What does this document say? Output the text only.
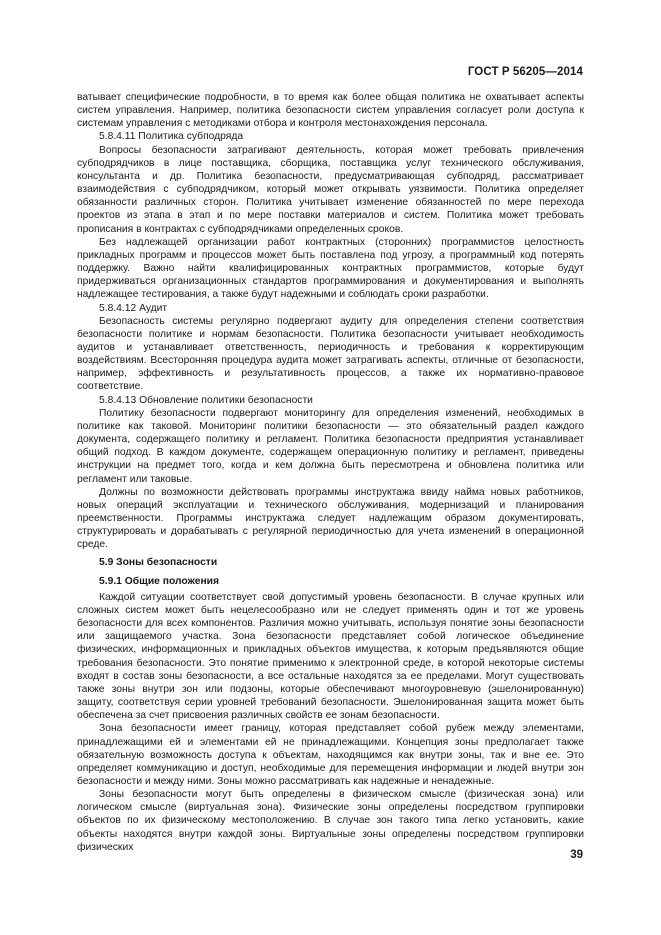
ГОСТ Р 56205—2014

ватывает специфические подробности, в то время как более общая политика не охватывает аспекты систем управления. Например, политика безопасности систем управления согласует роли доступа к системам управления с методиками отбора и контроля местонахождения персонала.

5.8.4.11 Политика субподряда

Вопросы безопасности затрагивают деятельность, которая может требовать привлечения субподрядчиков в лице поставщика, сборщика, поставщика услуг технического обслуживания, консультанта и др. Политика безопасности, предусматривающая субподряд, рассматривает взаимодействия с субподрядчиком, который может открывать уязвимости. Политика определяет обязанности различных сторон. Политика учитывает изменение обязанностей по мере перехода проектов из этапа в этап и по мере поставки материалов и систем. Политика может требовать прописания в контрактах с субподрядчиками определенных сроков.

Без надлежащей организации работ контрактных (сторонних) программистов целостность прикладных программ и процессов может быть поставлена под угрозу, а программный код потерять поддержку. Важно найти квалифицированных контрактных программистов, которые будут придерживаться организационных стандартов программирования и документирования и выполнять надлежащее тестирования, а также будут надежными и соблюдать сроки разработки.

5.8.4.12 Аудит

Безопасность системы регулярно подвергают аудиту для определения степени соответствия безопасности политике и нормам безопасности. Политика безопасности учитывает необходимость аудитов и устанавливает ответственность, периодичность и требования к корректирующим воздействиям. Всесторонняя процедура аудита может затрагивать аспекты, отличные от безопасности, например, эффективность и результативность процессов, а также их нормативно-правовое соответствие.

5.8.4.13 Обновление политики безопасности

Политику безопасности подвергают мониторингу для определения изменений, необходимых в политике как таковой. Мониторинг политики безопасности — это обязательный раздел каждого документа, содержащего политику и регламент. Политика безопасности предприятия устанавливает общий подход. В каждом документе, содержащем операционную политику и регламент, приведены инструкции на предмет того, когда и кем должна быть пересмотрена и обновлена политика или регламент или таковые.

Должны по возможности действовать программы инструктажа ввиду найма новых работников, новых операций эксплуатации и технического обслуживания, модернизаций и планирования преемственности. Программы инструктажа следует надлежащим образом документировать, структурировать и дорабатывать с регулярной периодичностью для учета изменений в операционной среде.

5.9 Зоны безопасности

5.9.1 Общие положения

Каждой ситуации соответствует свой допустимый уровень безопасности. В случае крупных или сложных систем может быть нецелесообразно или не следует применять один и тот же уровень безопасности для всех компонентов. Различия можно учитывать, используя понятие зоны безопасности или защищаемого участка. Зона безопасности представляет собой логическое объединение физических, информационных и прикладных объектов имущества, к которым предъявляются общие требования безопасности. Это понятие применимо к электронной среде, в которой некоторые системы входят в состав зоны безопасности, а все остальные находятся за ее пределами. Могут существовать также зоны внутри зон или подзоны, которые обеспечивают многоуровневую (эшелонированную) защиту, соответствуя серии уровней требований безопасности. Эшелонированная защита может быть обеспечена за счет присвоения различных свойств ее зонам безопасности.

Зона безопасности имеет границу, которая представляет собой рубеж между элементами, принадлежащими ей и элементами ей не принадлежащими. Концепция зоны предполагает также обязательную возможность доступа к объектам, находящимся как внутри зоны, так и вне ее. Это определяет коммуникацию и доступ, необходимые для перемещения информации и людей внутри зон безопасности и между ними. Зоны можно рассматривать как надежные и ненадежные.

Зоны безопасности могут быть определены в физическом смысле (физическая зона) или логическом смысле (виртуальная зона). Физические зоны определены посредством группировки объектов по их физическому местоположению. В случае зон такого типа легко установить, какие объекты находятся внутри каждой зоны. Виртуальные зоны определены посредством группировки физических

39
